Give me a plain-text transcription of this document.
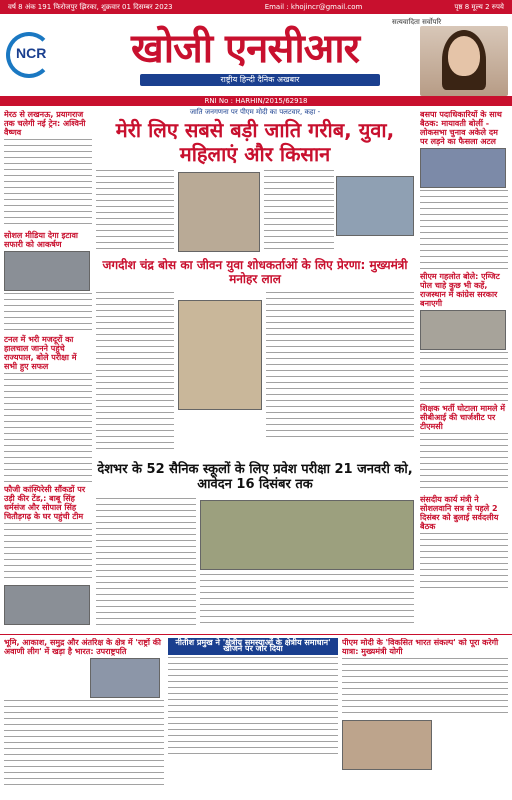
वर्ष 8 अंक 191 फिरोजपुर झिरका, शुक्रवार 01 दिसम्बर 2023	Email : khojincr@gmail.com	पृष्ठ 8 मूल्य 2 रुपये
NCR	खोजी एनसीआर
राष्ट्रीय हिन्दी दैनिक अखबार
सत्यवादिता सर्वोपरि
RNI No : HARHIN/2015/62918
मेरठ से लखनऊ, प्रयागराज तक चलेगी नई ट्रेन: अश्विनी वैष्णव
सोशल मीडिया देगा इटावा सफारी को आकर्षण
टनल में भरी मजदूरों का हालचाल जानने पहुंचे राज्यपाल, बोले परीक्षा में सभी हुए सफल
फौजी कांस्पिरेसी सौंकडों पर उड़ी कीर टेंड,: बाबू सिंह धर्मसंज और सोपाल सिंह चितौड़गढ़ के घर पहुंची टीम
जाति जनगणना पर पीएम मोदी का पलटवार, कहा -
मेरी लिए सबसे बड़ी जाति गरीब, युवा, महिलाएं और किसान
जगदीश चंद्र बोस का जीवन युवा शोधकर्ताओं के लिए प्रेरणा: मुख्यमंत्री मनोहर लाल
देशभर के 52 सैनिक स्कूलों के लिए प्रवेश परीक्षा 21 जनवरी को, आवेदन 16 दिसंबर तक
बसपा पदाधिकारियों के साथ बैठक: मायावती बोलीं - लोकसभा चुनाव अकेले दम पर लड़ने का फैसला अटल
सीएम गहलोत बोले: एग्जिट पोल चाहे कुछ भी कहें, राजस्थान में कांग्रेस सरकार बनाएगी
शिक्षक भर्ती घोटाला मामले में सीबीआई की चार्जशीट पर टीएमसी
संसदीय कार्य मंत्री ने सोशलवानि सत्र से पहले 2 दिसंबर को बुलाई सर्वदलीय बैठक
भूमि, आकाश, समुद्र और अंतरिक्ष के क्षेत्र में 'राष्ट्रों की अवाणी लीग' में खड़ा है भारत: उपराष्ट्रपति
नीतीश प्रमुख ने 'क्षेत्रीय समस्याओं के क्षेत्रीय समाधान' खोजने पर जोर दिया
पीएम मोदी के 'विकसित भारत संकल्प' को पूरा करेगी यात्रा: मुख्यमंत्री योगी
